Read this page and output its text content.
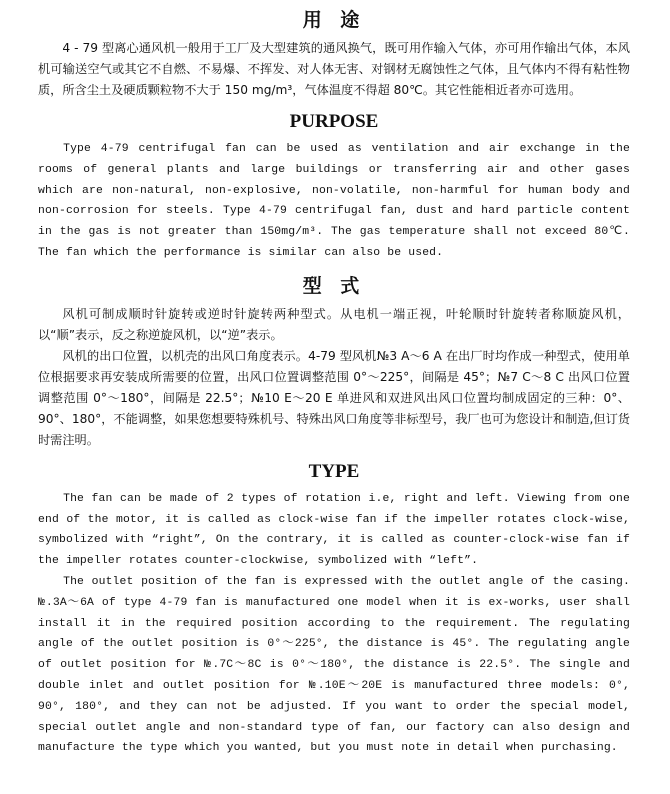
用 途

4 - 79 型离心通风机一般用于工厂及大型建筑的通风换气，既可用作输入气体，亦可用作输出气体，本风机可输送空气或其它不自燃、不易爆、不挥发、对人体无害、对钢材无腐蚀性之气体，且气体内不得有粘性物质，所含尘土及硬质颗粒物不大于 150 mg/m³，气体温度不得超 80℃。其它性能相近者亦可选用。

PURPOSE

Type 4-79 centrifugal fan can be used as ventilation and air exchange in the rooms of general plants and large buildings or transferring air and other gases which are non-natural, non-explosive, non-volatile, non-harmful for human body and non-corrosion for steels. Type 4-79 centrifugal fan, dust and hard particle content in the gas is not greater than 150mg/m³. The gas temperature shall not exceed 80℃. The fan which the performance is similar can also be used.

型 式

风机可制成顺时针旋转或逆时针旋转两种型式。从电机一端正视，叶轮顺时针旋转者称顺旋风机，以“顺”表示，反之称逆旋风机，以“逆”表示。

风机的出口位置，以机壳的出风口角度表示。4-79 型风机№3 A～6 A 在出厂时均作成一种型式，使用单位根据要求再安装成所需要的位置，出风口位置调整范围 0°～225°，间隔是 45°；№7 C～8 C 出风口位置调整范围 0°～180°，间隔是 22.5°；№10 E～20 E 单进风和双进风出风口位置均制成固定的三种：0°、90°、180°，不能调整，如果您想要特殊机号、特殊出风口角度等非标型号，我厂也可为您设计和制造,但订货时需注明。

TYPE

The fan can be made of 2 types of rotation i.e, right and left. Viewing from one end of the motor, it is called as clock-wise fan if the impeller rotates clock-wise, symbolized with “right”, On the contrary, it is called as counter-clock-wise fan if the impeller rotates counter-clockwise, symbolized with “left”.

The outlet position of the fan is expressed with the outlet angle of the casing. №.3A～6A of type 4-79 fan is manufactured one model when it is ex-works, user shall install it in the required position according to the requirement. The regulating angle of the outlet position is 0°～225°, the distance is 45°. The regulating angle of outlet position for №.7C～8C is 0°～180°, the distance is 22.5°. The single and double inlet and outlet position for №.10E～20E is manufactured three models: 0°, 90°, 180°, and they can not be adjusted. If you want to order the special model, special outlet angle and non-standard type of fan, our factory can also design and manufacture the type which you wanted, but you must note in detail when purchasing.
